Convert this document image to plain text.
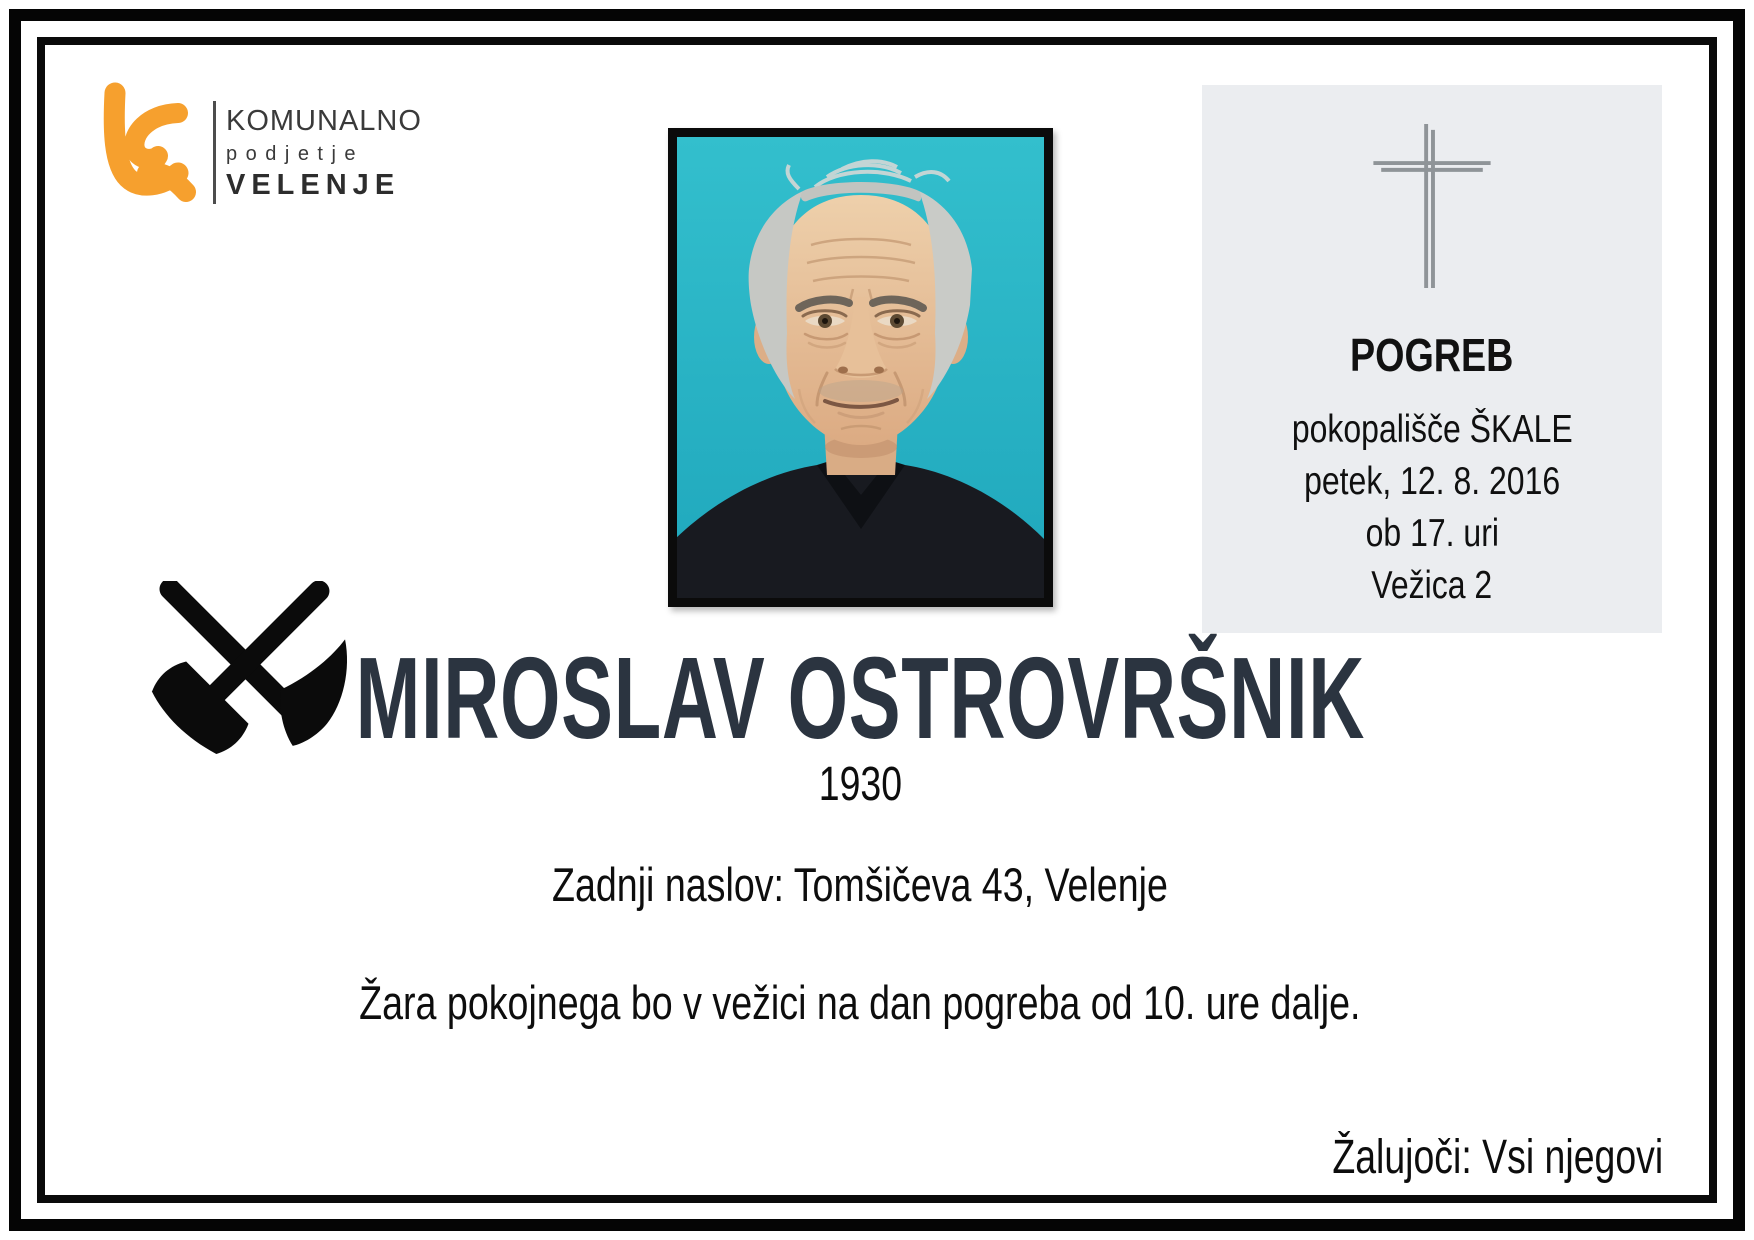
KOMUNALNO
podjetje
VELENJE
POGREB
pokopališče ŠKALE
petek, 12. 8. 2016
ob 17. uri
Vežica 2
MIROSLAV OSTROVRŠNIK
1930
Zadnji naslov: Tomšičeva 43, Velenje
Žara pokojnega bo v vežici na dan pogreba od 10. ure dalje.
Žalujoči: Vsi njegovi
